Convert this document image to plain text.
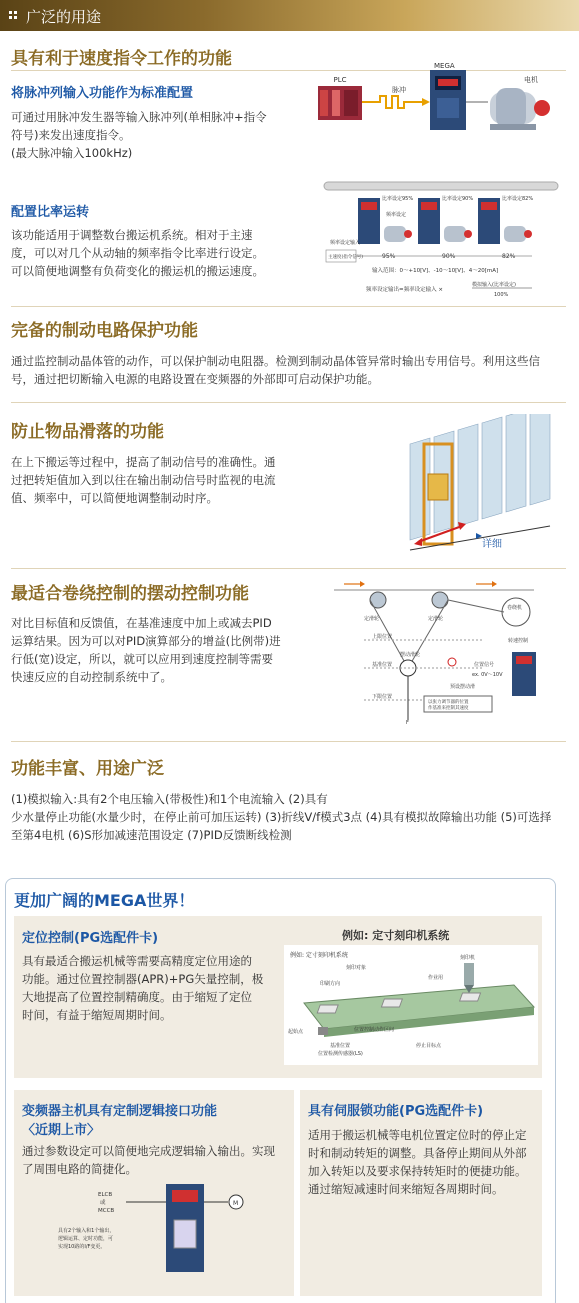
广泛的用途
具有利于速度指令工作的功能
将脉冲列输入功能作为标准配置
可通过用脉冲发生器等输入脉冲列(单相脉冲+指令
符号)来发出速度指令。
(最大脉冲输入100kHz)
PLC
脉冲
MEGA
电机
配置比率运转
该功能适用于调整数台搬运机系统。相对于主速
度，可以对几个从动轴的频率指令比率进行设定。
可以简便地调整有负荷变化的搬运机的搬运速度。
比率设定95%
频率设定
95%
比率设定90%
90%
比率设定82%
82%
频率设定输入
主速度(指令信号)
输入范围：0～+10[V]、-10～10[V]、4～20[mA]
频率设定输出=频率设定输入 ×
模拟输入(比率设定)
100%
完备的制动电路保护功能
通过监控制动晶体管的动作，可以保护制动电阻器。检测到制动晶体管异常时输出专用信号。利用这些信
号，通过把切断输入电源的电路设置在变频器的外部即可启动保护功能。
防止物品滑落的功能
在上下搬运等过程中，提高了制动信号的准确性。通
过把转矩值加入到以往在输出制动信号时监视的电流
值、频率中，可以简便地调整制动时序。
详细
最适合卷绕控制的摆动控制功能
对比目标值和反馈值，在基准速度中加上或减去PID
运算结果。因为可以对PID演算部分的增益(比例带)进
行低(宽)设定，所以，就可以应用到速度控制等需要
快速反应的自动控制系统中了。
定滑轮	定滑轮
卷绕机
转速控制
上限位置
基准位置
下限位置
摆动滑轮
F
位置信号
ex. 0V～10V
预设摆动滑
以张力调节器的位置
作基准来控制其速度
功能丰富、用途广泛
(1)模拟输入:具有2个电压输入(带极性)和1个电流输入 (2)具有
少水量停止功能(水量少时，在停止前可加压运转) (3)折线V/f模式3点 (4)具有模拟故障输出功能 (5)可选择
至第4电机 (6)S形加减速范围设定 (7)PID反馈断线检测
更加广阔的MEGA世界！
定位控制(PG选配件卡)
具有最适合搬运机械等需要高精度定位用途的
功能。通过位置控制器(APR)+PG矢量控制，极
大地提高了位置控制精确度。由于缩短了定位
时间，有益于缩短周期时间。
例如: 定寸刻印机系统
例如: 定寸刻印机系统	刻印机
刻印对象
作业用
印刷方向
起始点	位置控制动作区间
停止目标点
基准位置
位置检测传感器(LS)
变频器主机具有定制逻辑接口功能
〈近期上市〉
通过参数设定可以简便地完成逻辑输入输出。实现
了周围电路的简捷化。
ELCB
或
MCCB
M
具有2个输入和1个输出，
逻辑运算、定时功能，可
实现10路的I/F变更。
具有伺服锁功能(PG选配件卡)
适用于搬运机械等电机位置定位时的停止定
时和制动转矩的调整。具备停止期间从外部
加入转矩以及要求保持转矩时的便捷功能。
通过缩短减速时间来缩短各周期时间。
